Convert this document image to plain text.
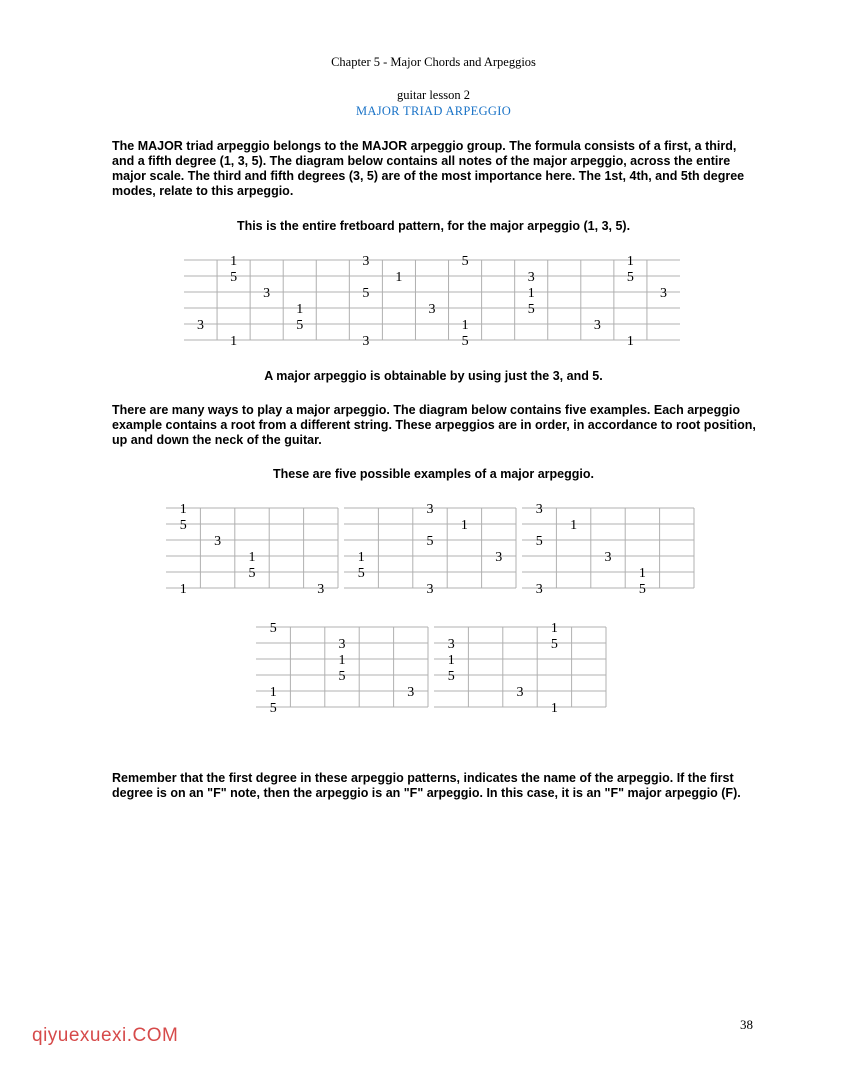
Chapter 5 - Major Chords and Arpeggios
guitar lesson 2
MAJOR TRIAD ARPEGGIO
The MAJOR triad arpeggio belongs to the MAJOR arpeggio group. The formula consists of a first, a third, and a fifth degree (1, 3, 5). The diagram below contains all notes of the major arpeggio, across the entire major scale. The third and fifth degrees (3, 5) are of the most importance here. The 1st, 4th, and 5th degree modes, relate to this arpeggio.
This is the entire fretboard pattern, for the major arpeggio (1, 3, 5).
A major arpeggio is obtainable by using just the 3, and 5.
There are many ways to play a major arpeggio. The diagram below contains five examples. Each arpeggio example contains a root from a different string. These arpeggios are in order, in accordance to root position, up and down the neck of the guitar.
These are five possible examples of a major arpeggio.
Remember that the first degree in these arpeggio patterns, indicates the name of the arpeggio. If the first degree is on an "F" note, then the arpeggio is an "F" arpeggio. In this case, it is an "F" major arpeggio (F).
38
qiyuexuexi.COM
1	3	5	1
5	1	3	5
3	5	1	3
1	3	5
3	5	1	3
1	3	5	1
1
5
3
1
5
1	3
3
1
5
1	3
5
3
3
1
5
3
1
3	5
5
3
1
5
1	3
5
1
3	5
1
5
3
1
